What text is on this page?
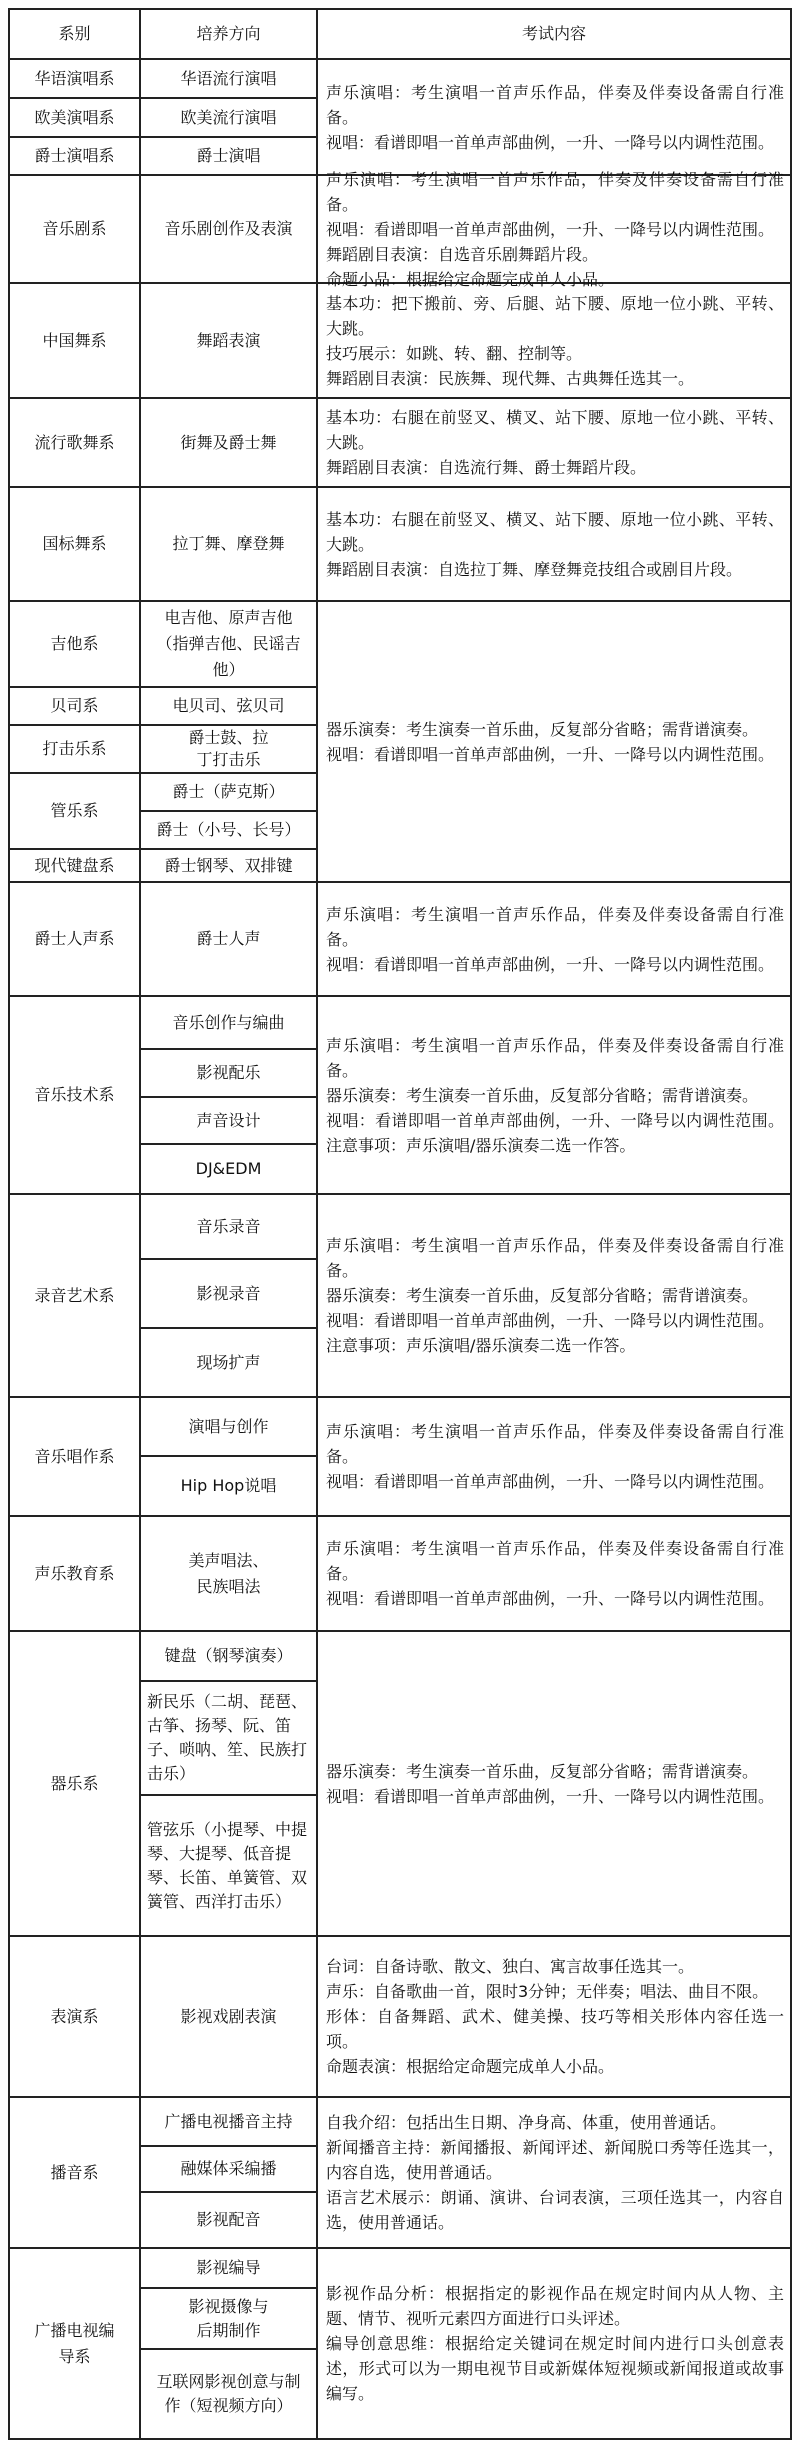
系别	培养方向	考试内容
华语演唱系
欧美演唱系
爵士演唱系
音乐剧系
中国舞系
流行歌舞系
国标舞系
吉他系
贝司系
打击乐系
管乐系
现代键盘系
爵士人声系
音乐技术系
录音艺术系
音乐唱作系
声乐教育系
器乐系
表演系
播音系
广播电视编导系
华语流行演唱
欧美流行演唱
爵士演唱
音乐剧创作及表演
舞蹈表演
街舞及爵士舞
拉丁舞、摩登舞
电吉他、原声吉他（指弹吉他、民谣吉他）
电贝司、弦贝司
爵士鼓、拉丁打击乐
爵士（萨克斯）
爵士（小号、长号）
爵士钢琴、双排键
爵士人声
音乐创作与编曲
影视配乐
声音设计
DJ&EDM
音乐录音
影视录音
现场扩声
演唱与创作
Hip Hop说唱
美声唱法、民族唱法
键盘（钢琴演奏）
新民乐（二胡、琵琶、古筝、扬琴、阮、笛子、唢呐、笙、民族打击乐）
管弦乐（小提琴、中提琴、大提琴、低音提琴、长笛、单簧管、双簧管、西洋打击乐）
影视戏剧表演
广播电视播音主持
融媒体采编播
影视配音
影视编导
影视摄像与后期制作
互联网影视创意与制作（短视频方向）

声乐演唱：考生演唱一首声乐作品，伴奏及伴奏设备需自行准备。

视唱：看谱即唱一首单声部曲例，一升、一降号以内调性范围。

声乐演唱：考生演唱一首声乐作品，伴奏及伴奏设备需自行准备。

视唱：看谱即唱一首单声部曲例，一升、一降号以内调性范围。

舞蹈剧目表演：自选音乐剧舞蹈片段。

命题小品：根据给定命题完成单人小品。

基本功：把下搬前、旁、后腿、站下腰、原地一位小跳、平转、大跳。

技巧展示：如跳、转、翻、控制等。

舞蹈剧目表演：民族舞、现代舞、古典舞任选其一。

基本功：右腿在前竖叉、横叉、站下腰、原地一位小跳、平转、大跳。

舞蹈剧目表演：自选流行舞、爵士舞蹈片段。

基本功：右腿在前竖叉、横叉、站下腰、原地一位小跳、平转、大跳。

舞蹈剧目表演：自选拉丁舞、摩登舞竞技组合或剧目片段。

器乐演奏：考生演奏一首乐曲，反复部分省略；需背谱演奏。

视唱：看谱即唱一首单声部曲例，一升、一降号以内调性范围。

声乐演唱：考生演唱一首声乐作品，伴奏及伴奏设备需自行准备。

视唱：看谱即唱一首单声部曲例，一升、一降号以内调性范围。

声乐演唱：考生演唱一首声乐作品，伴奏及伴奏设备需自行准备。

器乐演奏：考生演奏一首乐曲，反复部分省略；需背谱演奏。

视唱：看谱即唱一首单声部曲例，一升、一降号以内调性范围。注意事项：声乐演唱/器乐演奏二选一作答。

声乐演唱：考生演唱一首声乐作品，伴奏及伴奏设备需自行准备。

器乐演奏：考生演奏一首乐曲，反复部分省略；需背谱演奏。

视唱：看谱即唱一首单声部曲例，一升、一降号以内调性范围。

注意事项：声乐演唱/器乐演奏二选一作答。

声乐演唱：考生演唱一首声乐作品，伴奏及伴奏设备需自行准备。

视唱：看谱即唱一首单声部曲例，一升、一降号以内调性范围。

声乐演唱：考生演唱一首声乐作品，伴奏及伴奏设备需自行准备。

视唱：看谱即唱一首单声部曲例，一升、一降号以内调性范围。

器乐演奏：考生演奏一首乐曲，反复部分省略；需背谱演奏。

视唱：看谱即唱一首单声部曲例，一升、一降号以内调性范围。

台词：自备诗歌、散文、独白、寓言故事任选其一。

声乐：自备歌曲一首，限时3分钟；无伴奏；唱法、曲目不限。

形体：自备舞蹈、武术、健美操、技巧等相关形体内容任选一项。

命题表演：根据给定命题完成单人小品。

自我介绍：包括出生日期、净身高、体重，使用普通话。

新闻播音主持：新闻播报、新闻评述、新闻脱口秀等任选其一，内容自选，使用普通话。

语言艺术展示：朗诵、演讲、台词表演，三项任选其一，内容自选，使用普通话。

影视作品分析：根据指定的影视作品在规定时间内从人物、主题、情节、视听元素四方面进行口头评述。

编导创意思维：根据给定关键词在规定时间内进行口头创意表述，形式可以为一期电视节目或新媒体短视频或新闻报道或故事编写。
